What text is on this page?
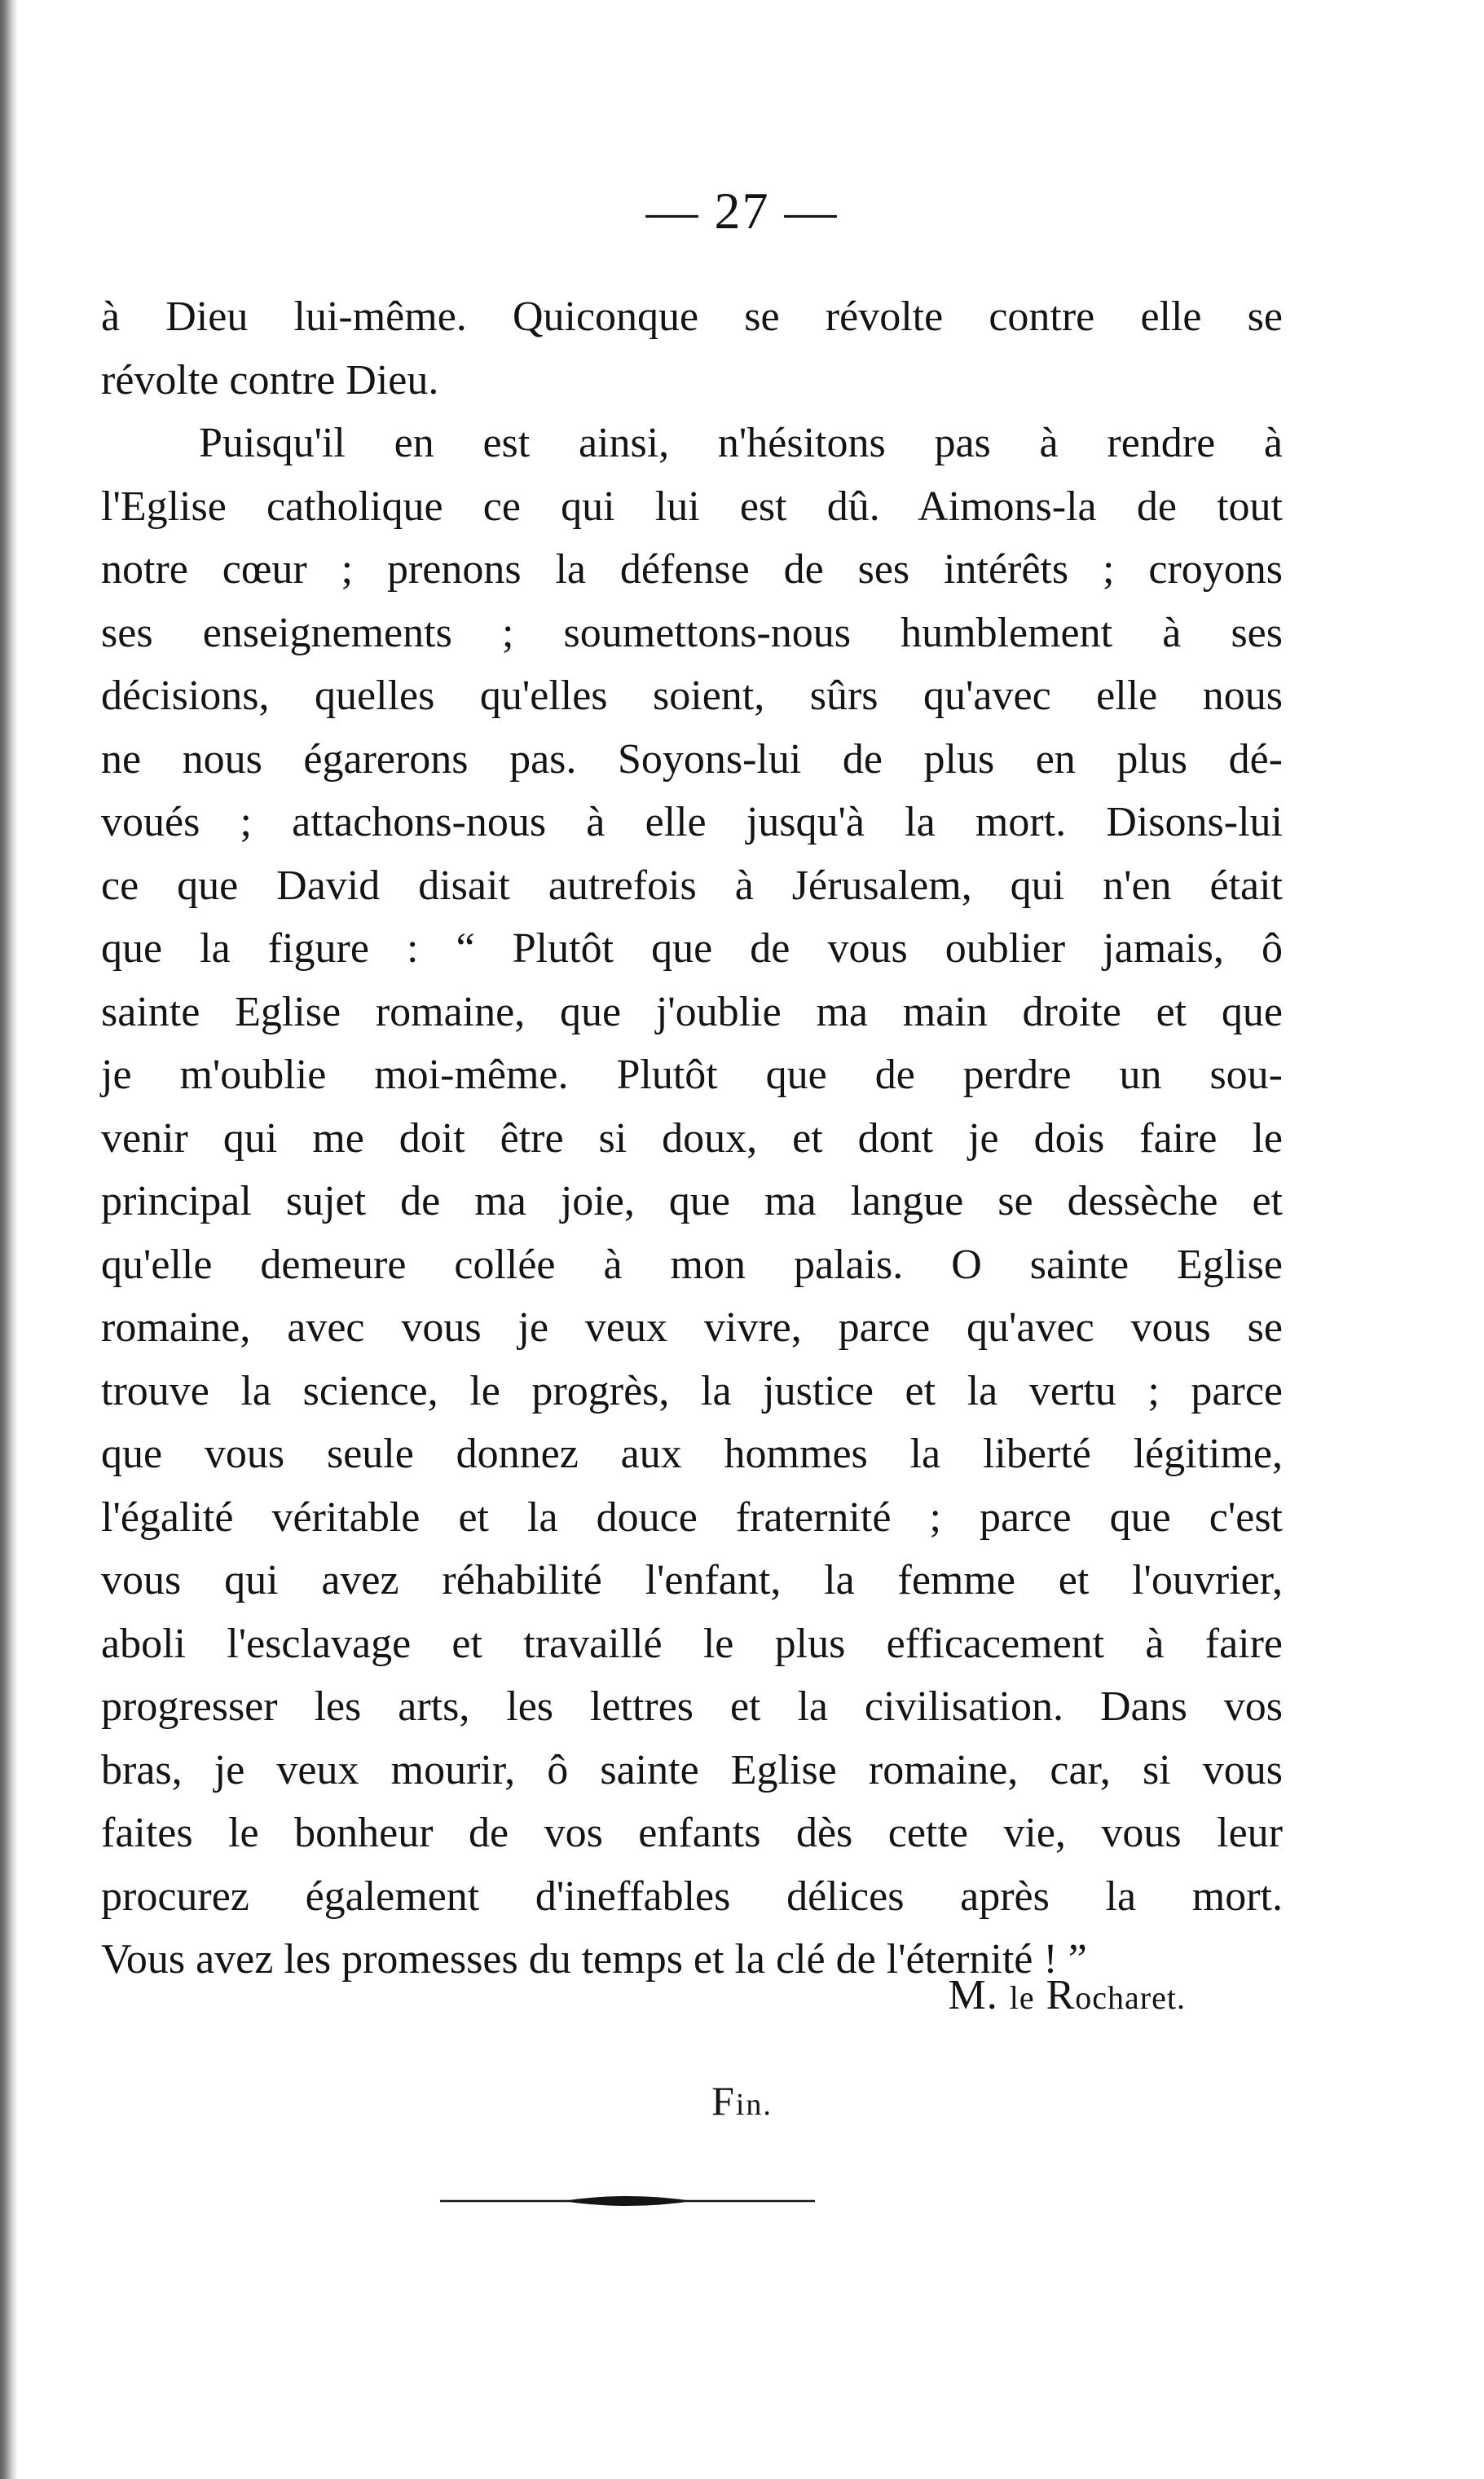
— 27 —
à Dieu lui-même. Quiconque se révolte contre elle se
révolte contre Dieu.
Puisqu'il en est ainsi, n'hésitons pas à rendre à
l'Eglise catholique ce qui lui est dû. Aimons-la de tout
notre cœur ; prenons la défense de ses intérêts ; croyons
ses enseignements ; soumettons-nous humblement à ses
décisions, quelles qu'elles soient, sûrs qu'avec elle nous
ne nous égarerons pas. Soyons-lui de plus en plus dé-
voués ; attachons-nous à elle jusqu'à la mort. Disons-lui
ce que David disait autrefois à Jérusalem, qui n'en était
que la figure : “ Plutôt que de vous oublier jamais, ô
sainte Eglise romaine, que j'oublie ma main droite et que
je m'oublie moi-même. Plutôt que de perdre un sou-
venir qui me doit être si doux, et dont je dois faire le
principal sujet de ma joie, que ma langue se dessèche et
qu'elle demeure collée à mon palais. O sainte Eglise
romaine, avec vous je veux vivre, parce qu'avec vous se
trouve la science, le progrès, la justice et la vertu ; parce
que vous seule donnez aux hommes la liberté légitime,
l'égalité véritable et la douce fraternité ; parce que c'est
vous qui avez réhabilité l'enfant, la femme et l'ouvrier,
aboli l'esclavage et travaillé le plus efficacement à faire
progresser les arts, les lettres et la civilisation. Dans vos
bras, je veux mourir, ô sainte Eglise romaine, car, si vous
faites le bonheur de vos enfants dès cette vie, vous leur
procurez également d'ineffables délices après la mort.
Vous avez les promesses du temps et la clé de l'éternité ! ”
M. le Rocharet.
Fin.
